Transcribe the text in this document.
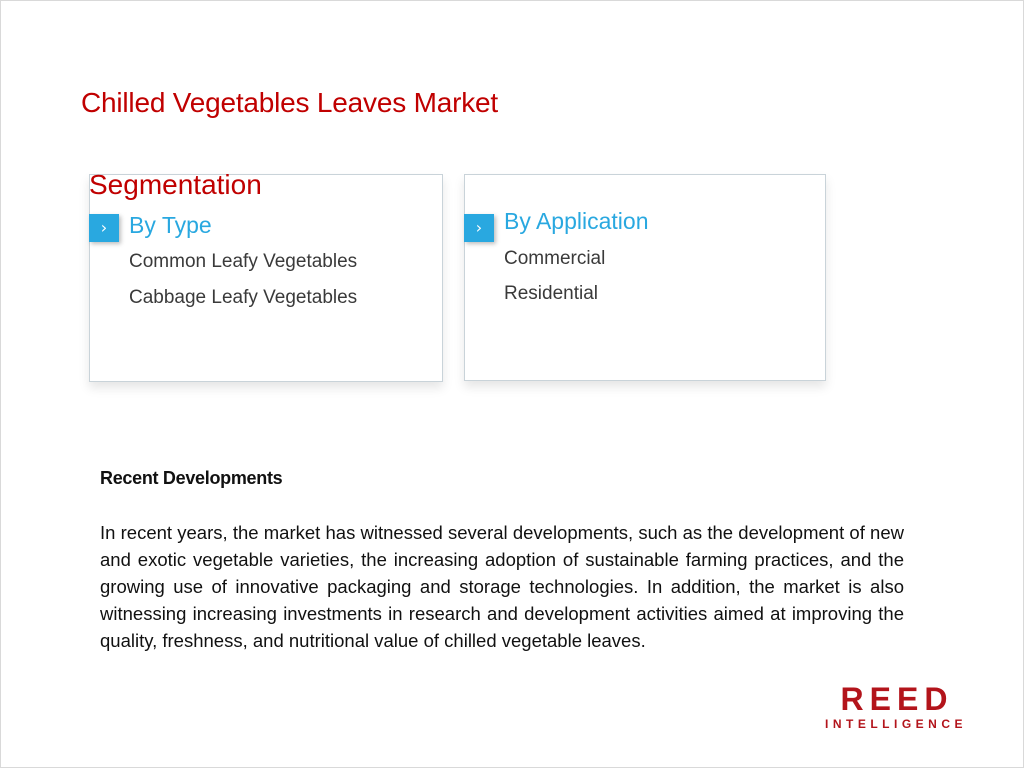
Chilled Vegetables Leaves Market
Segmentation
› By Type
Common Leafy Vegetables
Cabbage Leafy Vegetables
› By Application
Commercial
Residential
Recent Developments
In recent years, the market has witnessed several developments, such as the development of new and exotic vegetable varieties, the increasing adoption of sustainable farming practices, and the growing use of innovative packaging and storage technologies. In addition, the market is also witnessing increasing investments in research and development activities aimed at improving the quality, freshness, and nutritional value of chilled vegetable leaves.
REED
INTELLIGENCE
